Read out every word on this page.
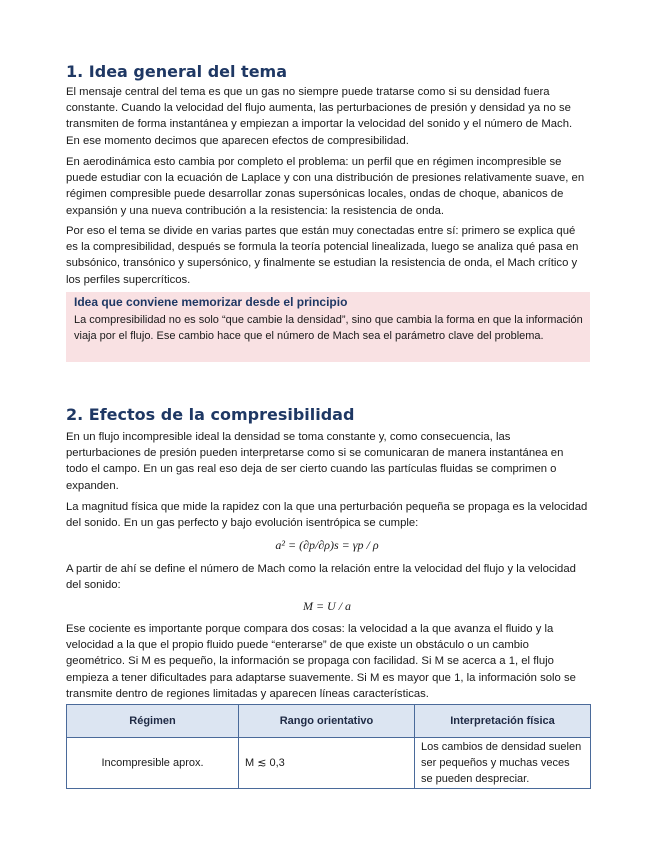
1. Idea general del tema

El mensaje central del tema es que un gas no siempre puede tratarse como si su densidad fuera constante. Cuando la velocidad del flujo aumenta, las perturbaciones de presión y densidad ya no se transmiten de forma instantánea y empiezan a importar la velocidad del sonido y el número de Mach. En ese momento decimos que aparecen efectos de compresibilidad.

En aerodinámica esto cambia por completo el problema: un perfil que en régimen incompresible se puede estudiar con la ecuación de Laplace y con una distribución de presiones relativamente suave, en régimen compresible puede desarrollar zonas supersónicas locales, ondas de choque, abanicos de expansión y una nueva contribución a la resistencia: la resistencia de onda.

Por eso el tema se divide en varias partes que están muy conectadas entre sí: primero se explica qué es la compresibilidad, después se formula la teoría potencial linealizada, luego se analiza qué pasa en subsónico, transónico y supersónico, y finalmente se estudian la resistencia de onda, el Mach crítico y los perfiles supercríticos.

Idea que conviene memorizar desde el principio

La compresibilidad no es solo “que cambie la densidad”, sino que cambia la forma en que la información viaja por el flujo. Ese cambio hace que el número de Mach sea el parámetro clave del problema.

2. Efectos de la compresibilidad

En un flujo incompresible ideal la densidad se toma constante y, como consecuencia, las perturbaciones de presión pueden interpretarse como si se comunicaran de manera instantánea en todo el campo. En un gas real eso deja de ser cierto cuando las partículas fluidas se comprimen o expanden.

La magnitud física que mide la rapidez con la que una perturbación pequeña se propaga es la velocidad del sonido. En un gas perfecto y bajo evolución isentrópica se cumple:

a² = (∂p/∂ρ)s = γp / ρ

A partir de ahí se define el número de Mach como la relación entre la velocidad del flujo y la velocidad del sonido:

M = U / a

Ese cociente es importante porque compara dos cosas: la velocidad a la que avanza el fluido y la velocidad a la que el propio fluido puede “enterarse” de que existe un obstáculo o un cambio geométrico. Si M es pequeño, la información se propaga con facilidad. Si M se acerca a 1, el flujo empieza a tener dificultades para adaptarse suavemente. Si M es mayor que 1, la información solo se transmite dentro de regiones limitadas y aparecen líneas características.

Régimen	Rango orientativo	Interpretación física
Incompresible aprox.	M ≲ 0,3	Los cambios de densidad suelen ser pequeños y muchas veces se pueden despreciar.
